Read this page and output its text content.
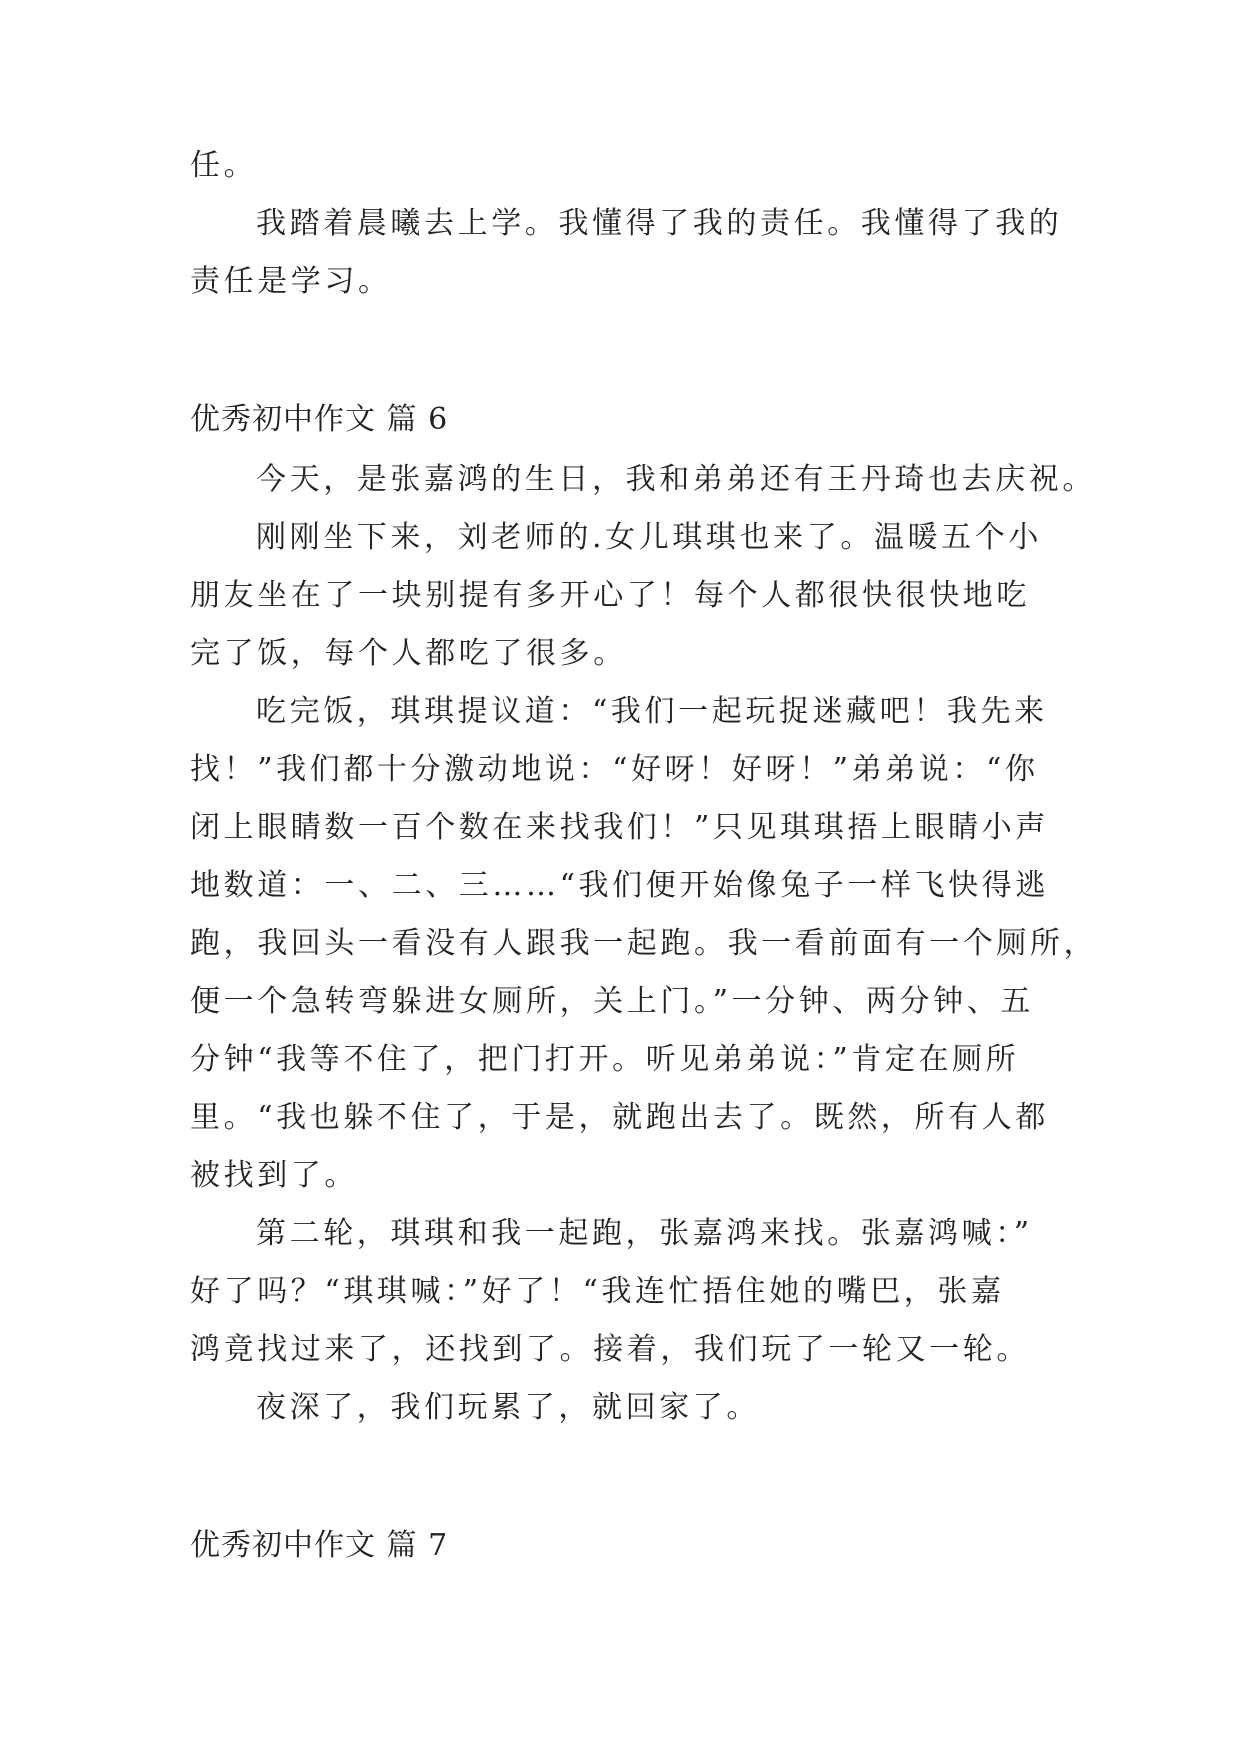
任。
我踏着晨曦去上学。我懂得了我的责任。我懂得了我的
责任是学习。
优秀初中作文 篇 6
今天，是张嘉鸿的生日，我和弟弟还有王丹琦也去庆祝。
刚刚坐下来，刘老师的.女儿琪琪也来了。温暖五个小
朋友坐在了一块别提有多开心了！每个人都很快很快地吃
完了饭，每个人都吃了很多。
吃完饭，琪琪提议道：“我们一起玩捉迷藏吧！我先来
找！”我们都十分激动地说：“好呀！好呀！”弟弟说：“你
闭上眼睛数一百个数在来找我们！”只见琪琪捂上眼睛小声
地数道：一、二、三……“我们便开始像兔子一样飞快得逃
跑，我回头一看没有人跟我一起跑。我一看前面有一个厕所，
便一个急转弯躲进女厕所，关上门。”一分钟、两分钟、五
分钟“我等不住了，把门打开。听见弟弟说：”肯定在厕所
里。“我也躲不住了，于是，就跑出去了。既然，所有人都
被找到了。
第二轮，琪琪和我一起跑，张嘉鸿来找。张嘉鸿喊：”
好了吗？“琪琪喊：”好了！“我连忙捂住她的嘴巴，张嘉
鸿竟找过来了，还找到了。接着，我们玩了一轮又一轮。
夜深了，我们玩累了，就回家了。
优秀初中作文 篇 7
